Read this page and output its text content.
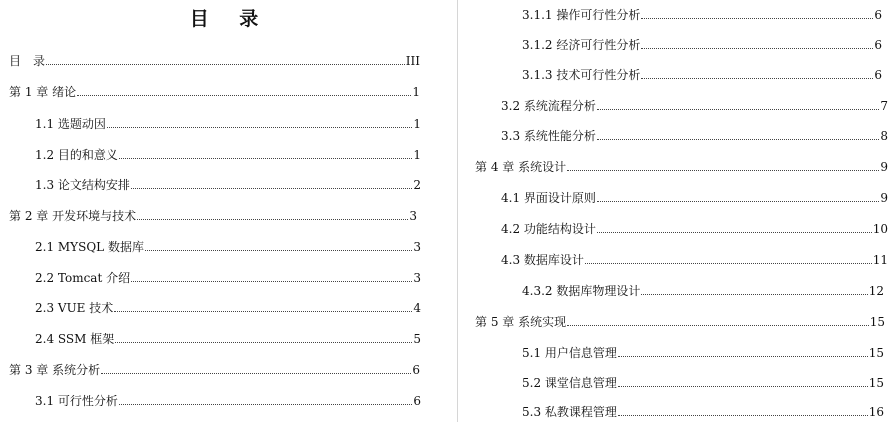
目 录
目　录	III
第 1 章 绪论	1
1.1 选题动因	1
1.2 目的和意义	1
1.3 论文结构安排	2
第 2 章 开发环境与技术	3
2.1 MYSQL 数据库	3
2.2 Tomcat 介绍	3
2.3 VUE 技术	4
2.4 SSM 框架	5
第 3 章 系统分析	6
3.1 可行性分析	6
3.1.1 操作可行性分析	6
3.1.2 经济可行性分析	6
3.1.3 技术可行性分析	6
3.2 系统流程分析	7
3.3 系统性能分析	8
第 4 章 系统设计	9
4.1 界面设计原则	9
4.2 功能结构设计	10
4.3 数据库设计	11
4.3.2 数据库物理设计	12
第 5 章 系统实现	15
5.1 用户信息管理	15
5.2 课堂信息管理	15
5.3 私教课程管理	16
